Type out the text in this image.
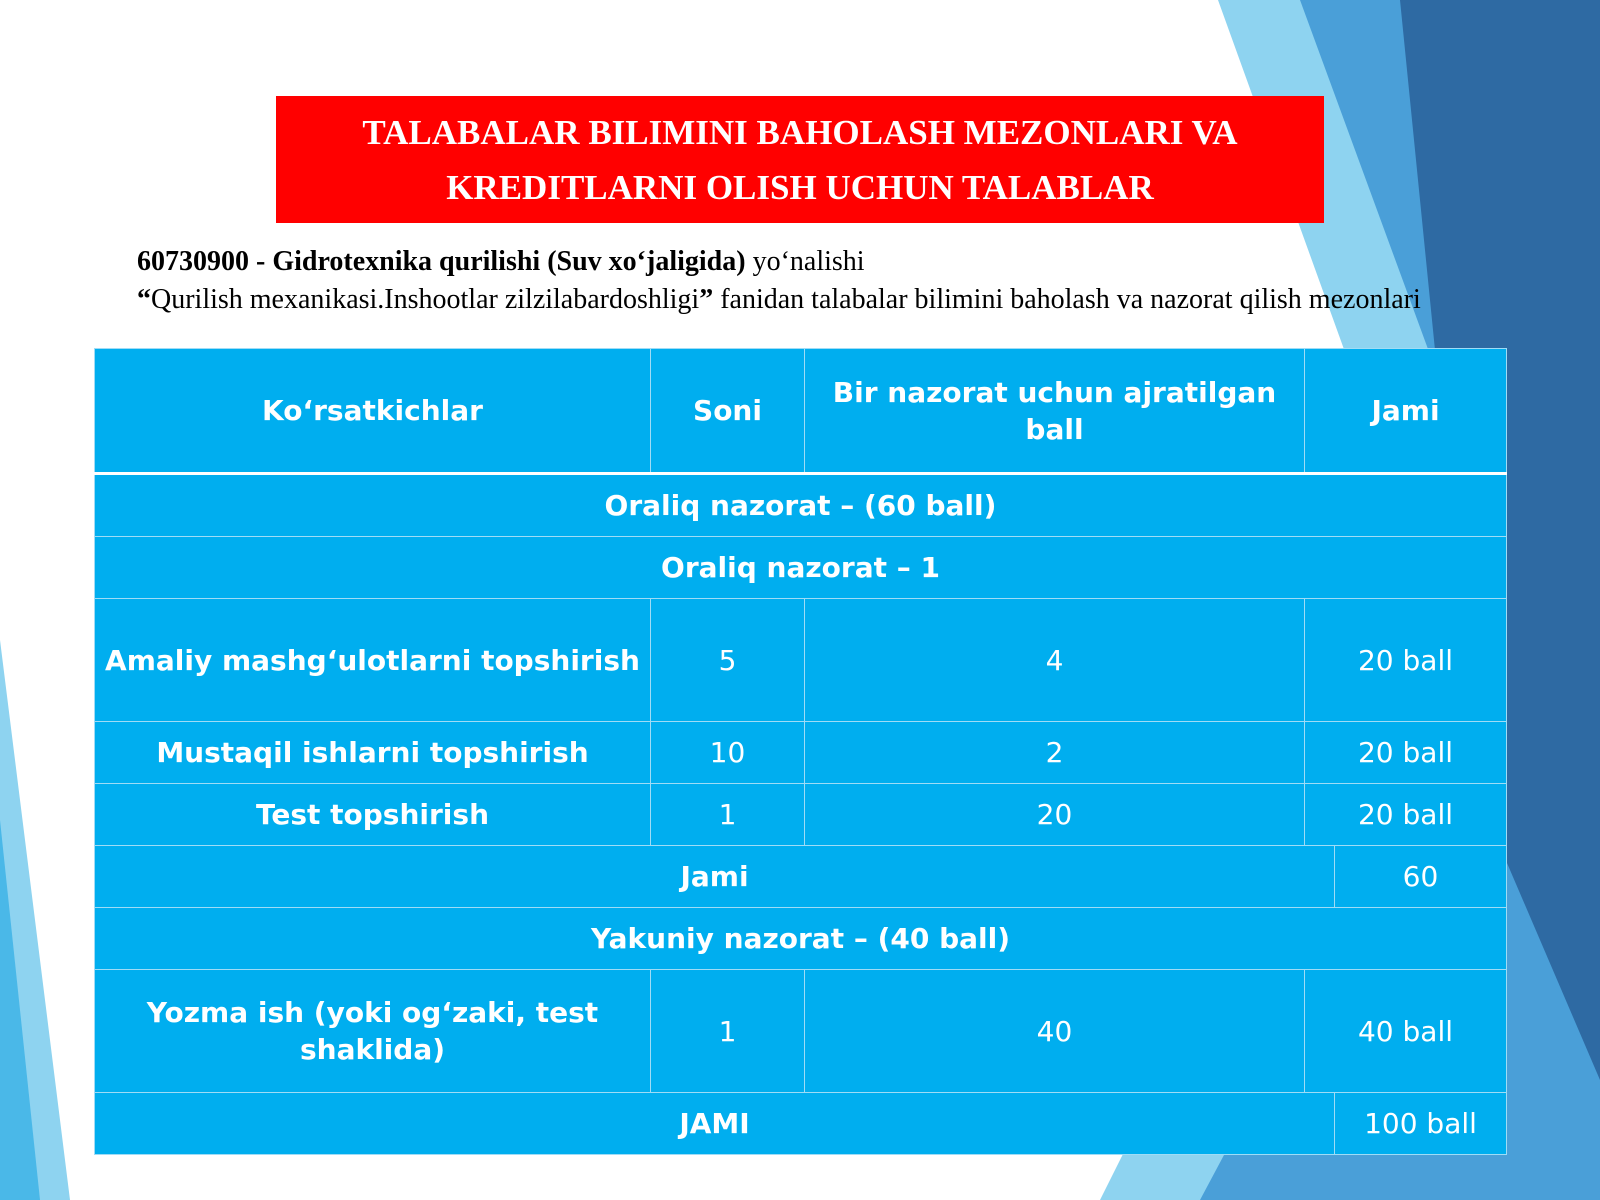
TALABALAR BILIMINI BAHOLASH MEZONLARI VA
KREDITLARNI OLISH UCHUN TALABLAR
60730900 - Gidrotexnika qurilishi (Suv xo‘jaligida) yo‘nalishi
“Qurilish mexanikasi.Inshootlar zilzilabardoshligi” fanidan talabalar bilimini baholash va nazorat qilish mezonlari
Ko‘rsatkichlar	Soni	Bir nazorat uchun ajratilgan ball	Jami	
Oraliq nazorat – (60 ball)				
Oraliq nazorat – 1				
Amaliy mashg‘ulotlarni topshirish	5	4	20 ball	
Mustaqil ishlarni topshirish	10	2	20 ball	
Test topshirish	1	20	20 ball	
Jami				60
Yakuniy nazorat – (40 ball)				
Yozma ish (yoki og‘zaki, test shaklida)	1	40	40 ball	
JAMI				100 ball
